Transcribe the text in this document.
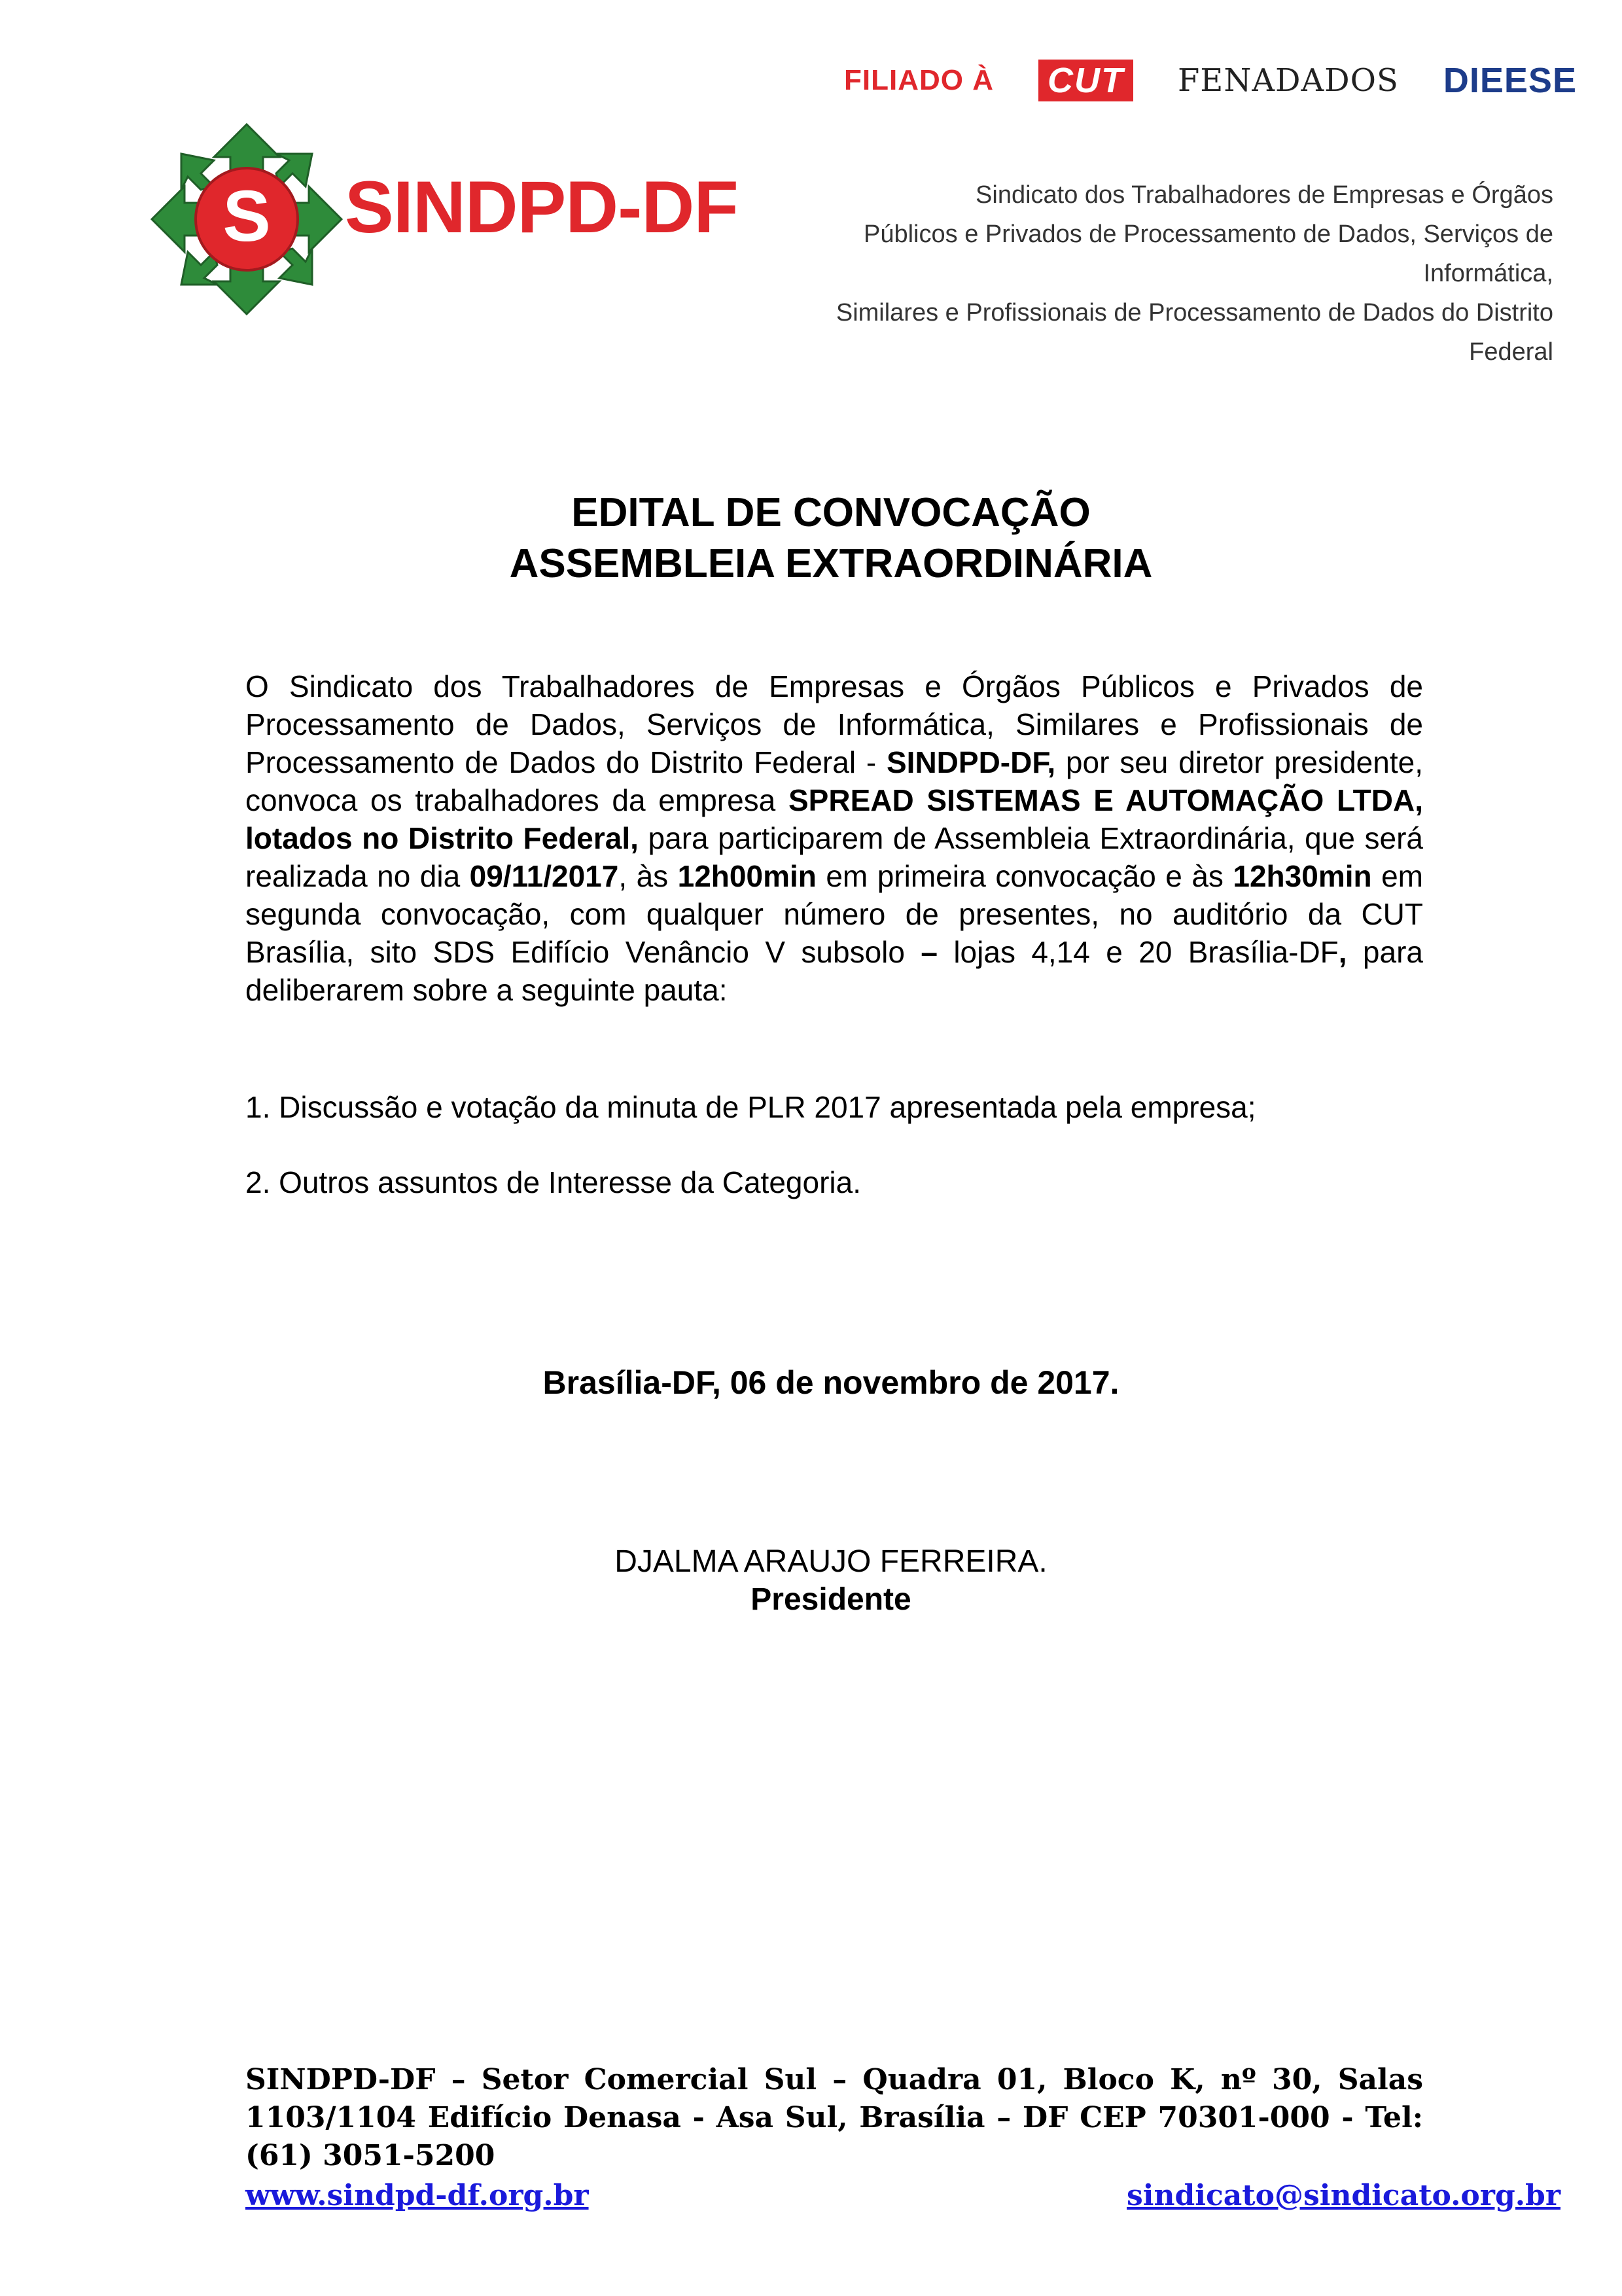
FILIADO À CUT FENADADOS DIEESE
S SINDPD-DF	Sindicato dos Trabalhadores de Empresas e Órgãos
Públicos e Privados de Processamento de Dados, Serviços de Informática,
Similares e Profissionais de Processamento de Dados do Distrito Federal
EDITAL DE CONVOCAÇÃO
ASSEMBLEIA EXTRAORDINÁRIA
O Sindicato dos Trabalhadores de Empresas e Órgãos Públicos e Privados de Processamento de Dados, Serviços de Informática, Similares e Profissionais de Processamento de Dados do Distrito Federal - SINDPD-DF, por seu diretor presidente, convoca os trabalhadores da empresa SPREAD SISTEMAS E AUTOMAÇÃO LTDA, lotados no Distrito Federal, para participarem de Assembleia Extraordinária, que será realizada no dia 09/11/2017, às 12h00min em primeira convocação e às 12h30min em segunda convocação, com qualquer número de presentes, no auditório da CUT Brasília, sito SDS Edifício Venâncio V subsolo – lojas 4,14 e 20 Brasília-DF, para deliberarem sobre a seguinte pauta:
1. Discussão e votação da minuta de PLR 2017 apresentada pela empresa;
2. Outros assuntos de Interesse da Categoria.
Brasília-DF, 06 de novembro de 2017.
DJALMA ARAUJO FERREIRA.
Presidente
SINDPD-DF – Setor Comercial Sul – Quadra 01, Bloco K, nº 30, Salas 1103/1104 Edifício Denasa - Asa Sul, Brasília – DF CEP 70301-000 - Tel: (61) 3051-5200
www.sindpd-df.org.br	sindicato@sindicato.org.br
